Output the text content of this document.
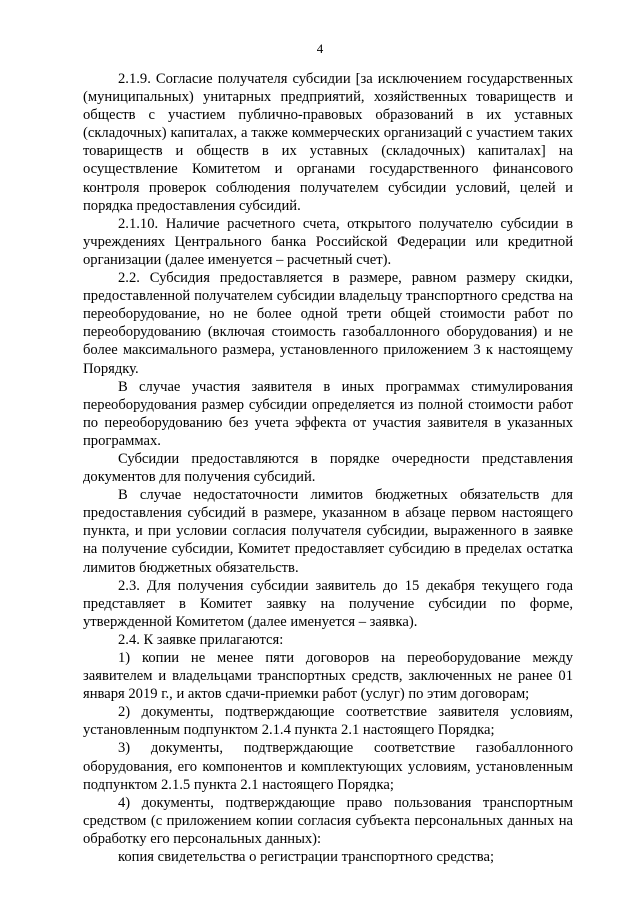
4

2.1.9. Согласие получателя субсидии [за исключением государственных (муниципальных) унитарных предприятий, хозяйственных товариществ и обществ с участием публично-правовых образований в их уставных (складочных) капиталах, а также коммерческих организаций с участием таких товариществ и обществ в их уставных (складочных) капиталах] на осуществление Комитетом и органами государственного финансового контроля проверок соблюдения получателем субсидии условий, целей и порядка предоставления субсидий.

2.1.10. Наличие расчетного счета, открытого получателю субсидии в учреждениях Центрального банка Российской Федерации или кредитной организации (далее именуется – расчетный счет).

2.2. Субсидия предоставляется в размере, равном размеру скидки, предоставленной получателем субсидии владельцу транспортного средства на переоборудование, но не более одной трети общей стоимости работ по переоборудованию (включая стоимость газобаллонного оборудования) и не более максимального размера, установленного приложением 3 к настоящему Порядку.

В случае участия заявителя в иных программах стимулирования переоборудования размер субсидии определяется из полной стоимости работ по переоборудованию без учета эффекта от участия заявителя в указанных программах.

Субсидии предоставляются в порядке очередности представления документов для получения субсидий.

В случае недостаточности лимитов бюджетных обязательств для предоставления субсидий в размере, указанном в абзаце первом настоящего пункта, и при условии согласия получателя субсидии, выраженного в заявке на получение субсидии, Комитет предоставляет субсидию в пределах остатка лимитов бюджетных обязательств.

2.3. Для получения субсидии заявитель до 15 декабря текущего года представляет в Комитет заявку на получение субсидии по форме, утвержденной Комитетом (далее именуется – заявка).

2.4. К заявке прилагаются:

1) копии не менее пяти договоров на переоборудование между заявителем и владельцами транспортных средств, заключенных не ранее 01 января 2019 г., и актов сдачи-приемки работ (услуг) по этим договорам;

2) документы, подтверждающие соответствие заявителя условиям, установленным подпунктом 2.1.4 пункта 2.1 настоящего Порядка;

3) документы, подтверждающие соответствие газобаллонного оборудования, его компонентов и комплектующих условиям, установленным подпунктом 2.1.5 пункта 2.1 настоящего Порядка;

4) документы, подтверждающие право пользования транспортным средством (с приложением копии согласия субъекта персональных данных на обработку его персональных данных):

копия свидетельства о регистрации транспортного средства;
